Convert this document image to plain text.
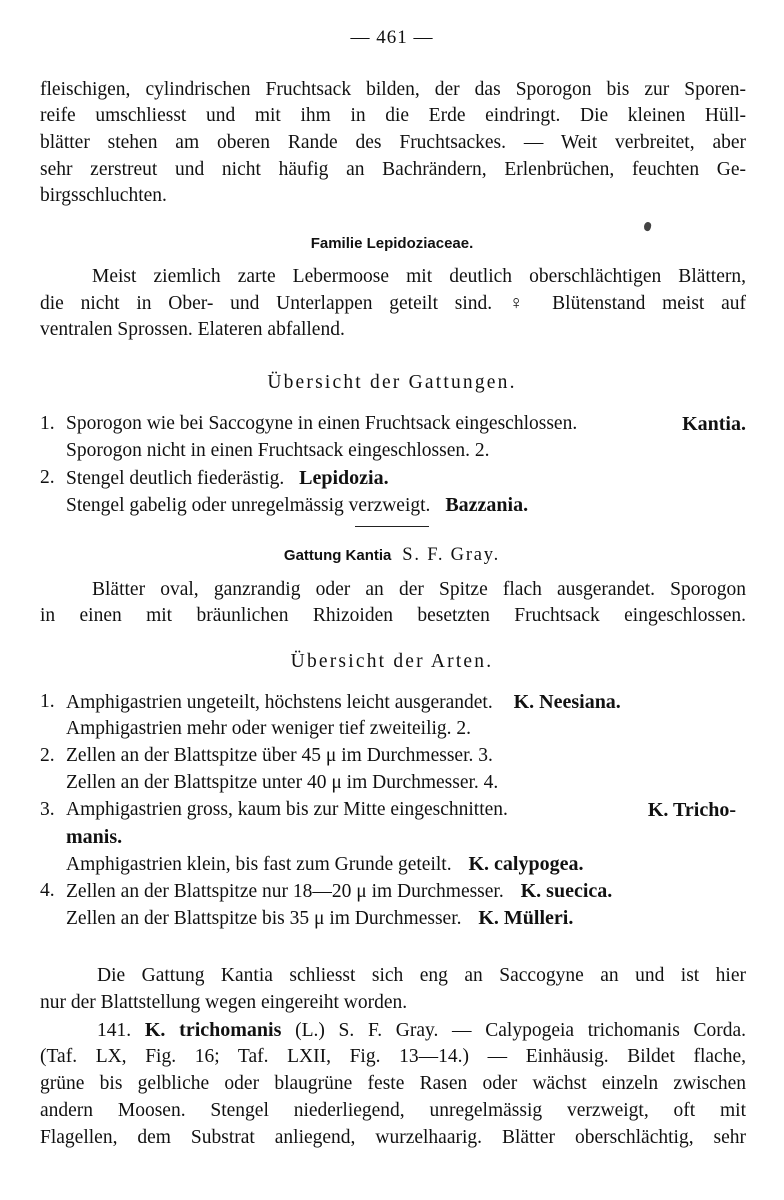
— 461 —
fleischigen, cylindrischen Fruchtsack bilden, der das Sporogon bis zur Sporen-
reife umschliesst und mit ihm in die Erde eindringt. Die kleinen Hüll-
blätter stehen am oberen Rande des Fruchtsackes. — Weit verbreitet, aber
sehr zerstreut und nicht häufig an Bachrändern, Erlenbrüchen, feuchten Ge-
birgsschluchten.
Familie Lepidoziaceae.
Meist ziemlich zarte Lebermoose mit deutlich oberschlächtigen Blättern,
die nicht in Ober- und Unterlappen geteilt sind. ♀ Blütenstand meist auf
ventralen Sprossen. Elateren abfallend.
Übersicht der Gattungen.
1. Sporogon wie bei Saccogyne in einen Fruchtsack eingeschlossen.	Kantia.
Sporogon nicht in einen Fruchtsack eingeschlossen. 2.
2. Stengel deutlich fiederästig. Lepidozia.
Stengel gabelig oder unregelmässig verzweigt. Bazzania.
Gattung Kantia S. F. Gray.
Blätter oval, ganzrandig oder an der Spitze flach ausgerandet. Sporogon
in einen mit bräunlichen Rhizoiden besetzten Fruchtsack eingeschlossen.
Übersicht der Arten.
1. Amphigastrien ungeteilt, höchstens leicht ausgerandet. K. Neesiana.
Amphigastrien mehr oder weniger tief zweiteilig. 2.
2. Zellen an der Blattspitze über 45 μ im Durchmesser. 3.
Zellen an der Blattspitze unter 40 μ im Durchmesser. 4.
3. Amphigastrien gross, kaum bis zur Mitte eingeschnitten.	K. Tricho-
manis.
Amphigastrien klein, bis fast zum Grunde geteilt. K. calypogea.
4. Zellen an der Blattspitze nur 18—20 μ im Durchmesser. K. suecica.
Zellen an der Blattspitze bis 35 μ im Durchmesser. K. Mülleri.
Die Gattung Kantia schliesst sich eng an Saccogyne an und ist hier
nur der Blattstellung wegen eingereiht worden.
141. K. trichomanis (L.) S. F. Gray. — Calypogeia trichomanis Corda.
(Taf. LX, Fig. 16; Taf. LXII, Fig. 13—14.) — Einhäusig. Bildet flache,
grüne bis gelbliche oder blaugrüne feste Rasen oder wächst einzeln zwischen
andern Moosen. Stengel niederliegend, unregelmässig verzweigt, oft mit
Flagellen, dem Substrat anliegend, wurzelhaarig. Blätter oberschlächtig, sehr
